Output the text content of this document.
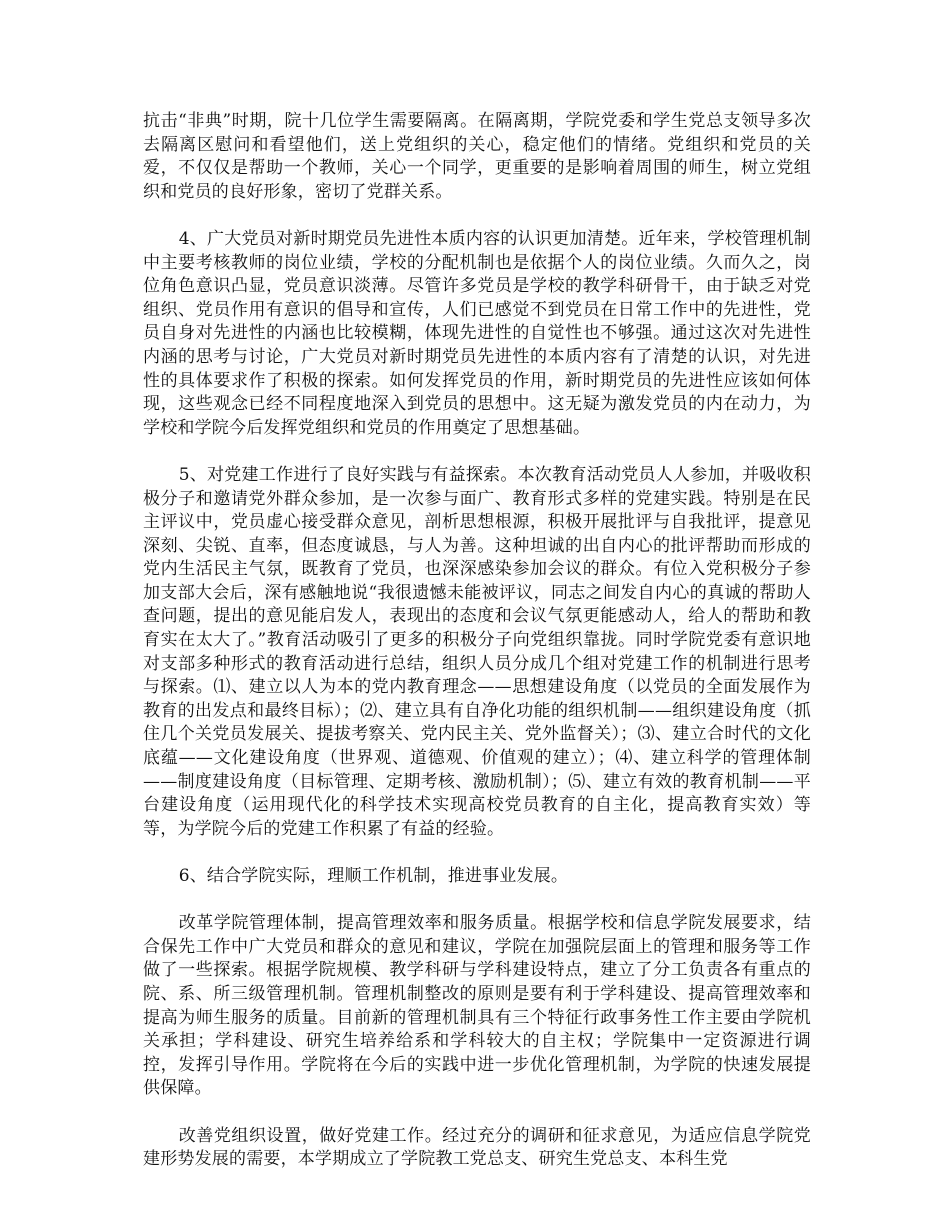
抗击“非典”时期，院十几位学生需要隔离。在隔离期，学院党委和学生党总支领导多次去隔离区慰问和看望他们，送上党组织的关心，稳定他们的情绪。党组织和党员的关爱，不仅仅是帮助一个教师，关心一个同学，更重要的是影响着周围的师生，树立党组织和党员的良好形象，密切了党群关系。

4、广大党员对新时期党员先进性本质内容的认识更加清楚。近年来，学校管理机制中主要考核教师的岗位业绩，学校的分配机制也是依据个人的岗位业绩。久而久之，岗位角色意识凸显，党员意识淡薄。尽管许多党员是学校的教学科研骨干，由于缺乏对党组织、党员作用有意识的倡导和宣传，人们已感觉不到党员在日常工作中的先进性，党员自身对先进性的内涵也比较模糊，体现先进性的自觉性也不够强。通过这次对先进性内涵的思考与讨论，广大党员对新时期党员先进性的本质内容有了清楚的认识，对先进性的具体要求作了积极的探索。如何发挥党员的作用，新时期党员的先进性应该如何体现，这些观念已经不同程度地深入到党员的思想中。这无疑为激发党员的内在动力，为学校和学院今后发挥党组织和党员的作用奠定了思想基础。

5、对党建工作进行了良好实践与有益探索。本次教育活动党员人人参加，并吸收积极分子和邀请党外群众参加，是一次参与面广、教育形式多样的党建实践。特别是在民主评议中，党员虚心接受群众意见，剖析思想根源，积极开展批评与自我批评，提意见深刻、尖锐、直率，但态度诚恳，与人为善。这种坦诚的出自内心的批评帮助而形成的党内生活民主气氛，既教育了党员，也深深感染参加会议的群众。有位入党积极分子参加支部大会后，深有感触地说“我很遗憾未能被评议，同志之间发自内心的真诚的帮助人查问题，提出的意见能启发人，表现出的态度和会议气氛更能感动人，给人的帮助和教育实在太大了。”教育活动吸引了更多的积极分子向党组织靠拢。同时学院党委有意识地对支部多种形式的教育活动进行总结，组织人员分成几个组对党建工作的机制进行思考与探索。⑴、建立以人为本的党内教育理念——思想建设角度（以党员的全面发展作为教育的出发点和最终目标）；⑵、建立具有自净化功能的组织机制——组织建设角度（抓住几个关党员发展关、提拔考察关、党内民主关、党外监督关）；⑶、建立合时代的文化底蕴——文化建设角度（世界观、道德观、价值观的建立）；⑷、建立科学的管理体制——制度建设角度（目标管理、定期考核、激励机制）；⑸、建立有效的教育机制——平台建设角度（运用现代化的科学技术实现高校党员教育的自主化，提高教育实效）等等，为学院今后的党建工作积累了有益的经验。

6、结合学院实际，理顺工作机制，推进事业发展。

改革学院管理体制，提高管理效率和服务质量。根据学校和信息学院发展要求，结合保先工作中广大党员和群众的意见和建议，学院在加强院层面上的管理和服务等工作做了一些探索。根据学院规模、教学科研与学科建设特点，建立了分工负责各有重点的院、系、所三级管理机制。管理机制整改的原则是要有利于学科建设、提高管理效率和提高为师生服务的质量。目前新的管理机制具有三个特征行政事务性工作主要由学院机关承担；学科建设、研究生培养给系和学科较大的自主权；学院集中一定资源进行调控，发挥引导作用。学院将在今后的实践中进一步优化管理机制，为学院的快速发展提供保障。

改善党组织设置，做好党建工作。经过充分的调研和征求意见，为适应信息学院党建形势发展的需要，本学期成立了学院教工党总支、研究生党总支、本科生党
